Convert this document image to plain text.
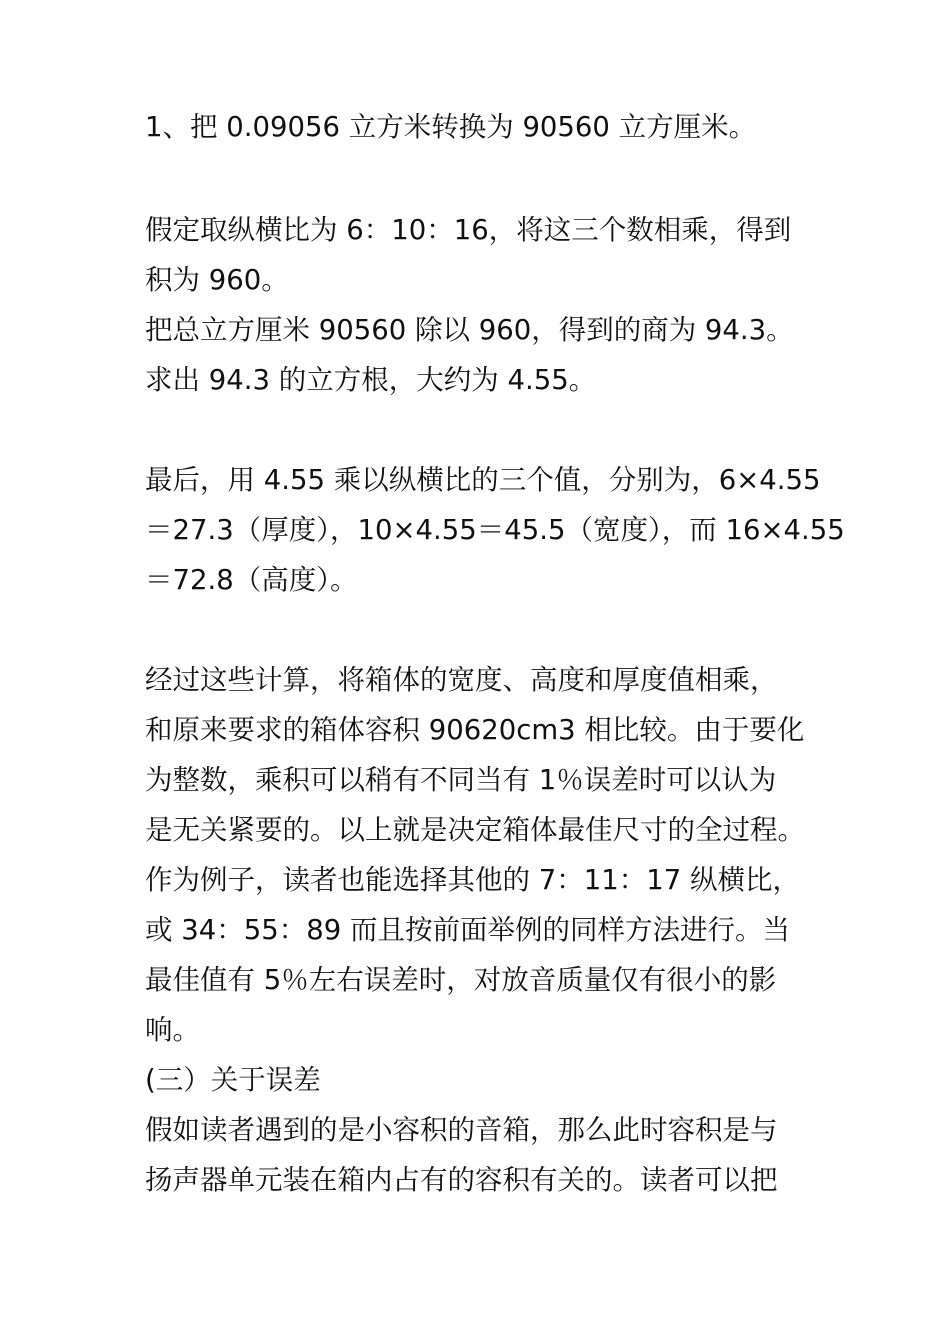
1、把 0.09056 立方米转换为 90560 立方厘米。
假定取纵横比为 6：10：16，将这三个数相乘，得到
积为 960。
把总立方厘米 90560 除以 960，得到的商为 94.3。
求出 94.3 的立方根，大约为 4.55。
最后，用 4.55 乘以纵横比的三个值，分别为，6×4.55
＝27.3（厚度），10×4.55＝45.5（宽度），而 16×4.55
＝72.8（高度）。
经过这些计算，将箱体的宽度、高度和厚度值相乘，
和原来要求的箱体容积 90620cm3 相比较。由于要化
为整数，乘积可以稍有不同当有 1％误差时可以认为
是无关紧要的。以上就是决定箱体最佳尺寸的全过程。
作为例子，读者也能选择其他的 7：11：17 纵横比，
或 34：55：89 而且按前面举例的同样方法进行。当
最佳值有 5％左右误差时，对放音质量仅有很小的影
响。
(三）关于误差
假如读者遇到的是小容积的音箱，那么此时容积是与
扬声器单元装在箱内占有的容积有关的。读者可以把
